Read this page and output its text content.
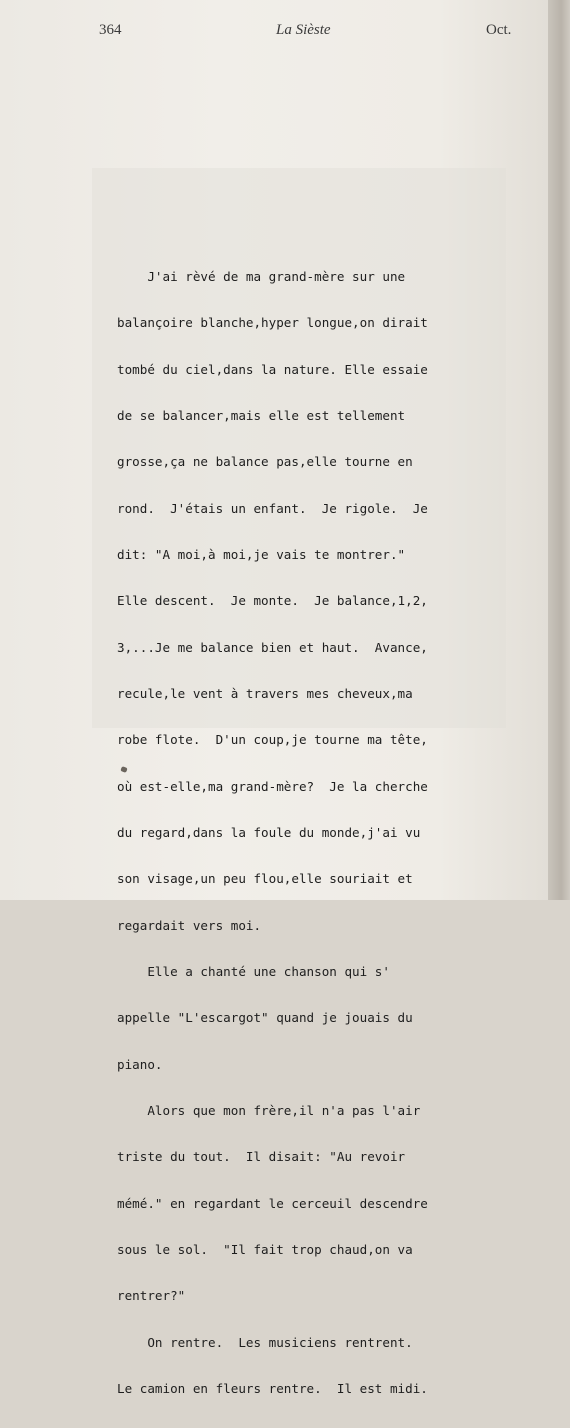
364	La Sièste	Oct.

J'ai rèvé de ma grand-mère sur une

balançoire blanche,hyper longue,on dirait

tombé du ciel,dans la nature. Elle essaie

de se balancer,mais elle est tellement

grosse,ça ne balance pas,elle tourne en

rond.  J'étais un enfant.  Je rigole.  Je

dit: "A moi,à moi,je vais te montrer."

Elle descent.  Je monte.  Je balance,1,2,

3,...Je me balance bien et haut.  Avance,

recule,le vent à travers mes cheveux,ma

robe flote.  D'un coup,je tourne ma tête,

où est-elle,ma grand-mère?  Je la cherche

du regard,dans la foule du monde,j'ai vu

son visage,un peu flou,elle souriait et

regardait vers moi.

Elle a chanté une chanson qui s'

appelle "L'escargot" quand je jouais du

piano.

Alors que mon frère,il n'a pas l'air

triste du tout.  Il disait: "Au revoir

mémé." en regardant le cerceuil descendre

sous le sol.  "Il fait trop chaud,on va

rentrer?"

On rentre.  Les musiciens rentrent.

Le camion en fleurs rentre.  Il est midi.
